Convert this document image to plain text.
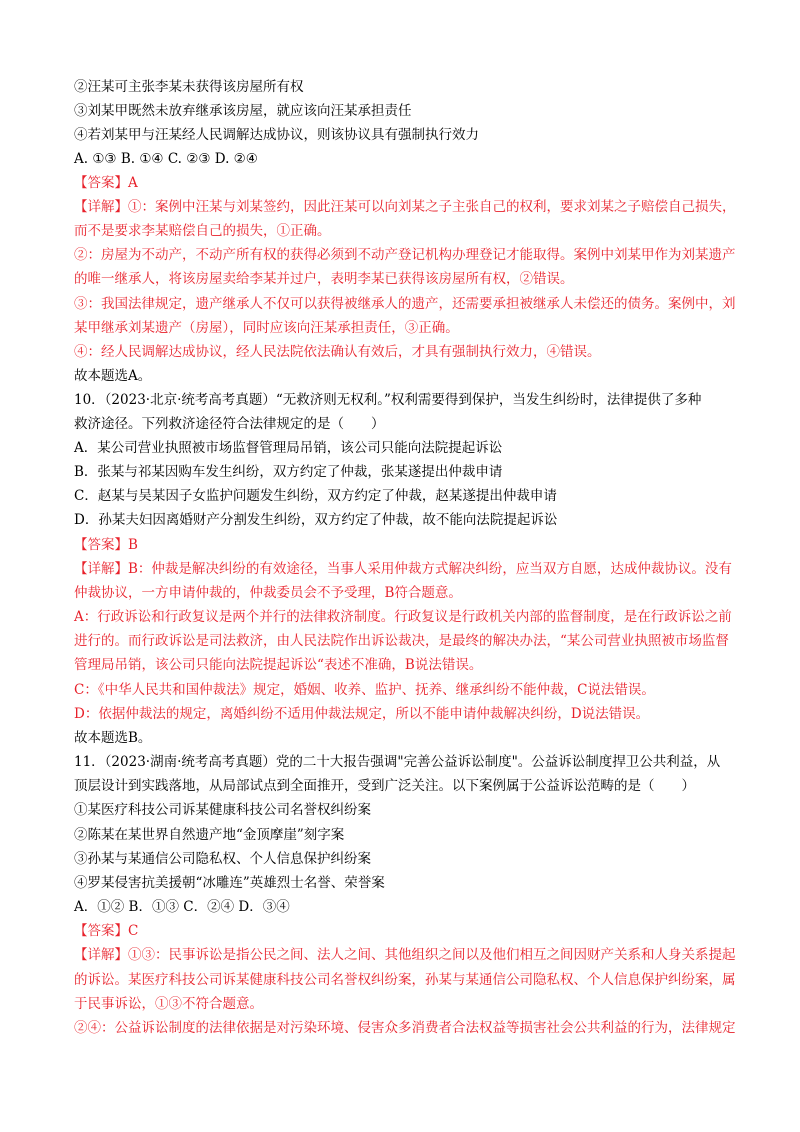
②汪某可主张李某未获得该房屋所有权
③刘某甲既然未放弃继承该房屋，就应该向汪某承担责任
④若刘某甲与汪某经人民调解达成协议，则该协议具有强制执行效力
A. ①③ B. ①④ C. ②③ D. ②④
【答案】A
【详解】①：案例中汪某与刘某签约，因此汪某可以向刘某之子主张自己的权利，要求刘某之子赔偿自己损失，
而不是要求李某赔偿自己的损失，①正确。
②：房屋为不动产，不动产所有权的获得必须到不动产登记机构办理登记才能取得。案例中刘某甲作为刘某遗产
的唯一继承人，将该房屋卖给李某并过户，表明李某已获得该房屋所有权，②错误。
③：我国法律规定，遗产继承人不仅可以获得被继承人的遗产，还需要承担被继承人未偿还的债务。案例中，刘
某甲继承刘某遗产（房屋），同时应该向汪某承担责任，③正确。
④：经人民调解达成协议，经人民法院依法确认有效后，才具有强制执行效力，④错误。
故本题选A。
10．（2023·北京·统考高考真题）“无救济则无权利。”权利需要得到保护，当发生纠纷时，法律提供了多种
救济途径。下列救济途径符合法律规定的是（　　）
A．某公司营业执照被市场监督管理局吊销，该公司只能向法院提起诉讼
B．张某与祁某因购车发生纠纷，双方约定了仲裁，张某遂提出仲裁申请
C．赵某与吴某因子女监护问题发生纠纷，双方约定了仲裁，赵某遂提出仲裁申请
D．孙某夫妇因离婚财产分割发生纠纷，双方约定了仲裁，故不能向法院提起诉讼
【答案】B
【详解】B：仲裁是解决纠纷的有效途径，当事人采用仲裁方式解决纠纷，应当双方自愿，达成仲裁协议。没有
仲裁协议，一方申请仲裁的，仲裁委员会不予受理，B符合题意。
A：行政诉讼和行政复议是两个并行的法律救济制度。行政复议是行政机关内部的监督制度，是在行政诉讼之前
进行的。而行政诉讼是司法救济，由人民法院作出诉讼裁决，是最终的解决办法，“某公司营业执照被市场监督
管理局吊销，该公司只能向法院提起诉讼“表述不准确，B说法错误。
C：《中华人民共和国仲裁法》规定，婚姻、收养、监护、抚养、继承纠纷不能仲裁，C说法错误。
D：依据仲裁法的规定，离婚纠纷不适用仲裁法规定，所以不能申请仲裁解决纠纷，D说法错误。
故本题选B。
11．（2023·湖南·统考高考真题）党的二十大报告强调"完善公益诉讼制度"。公益诉讼制度捍卫公共利益，从
顶层设计到实践落地，从局部试点到全面推开，受到广泛关注。以下案例属于公益诉讼范畴的是（　　）
①某医疗科技公司诉某健康科技公司名誉权纠纷案
②陈某在某世界自然遗产地“金顶摩崖”刻字案
③孙某与某通信公司隐私权、个人信息保护纠纷案
④罗某侵害抗美援朝“冰雕连”英雄烈士名誉、荣誉案
A．①② B．①③ C．②④ D．③④
【答案】C
【详解】①③：民事诉讼是指公民之间、法人之间、其他组织之间以及他们相互之间因财产关系和人身关系提起
的诉讼。某医疗科技公司诉某健康科技公司名誉权纠纷案，孙某与某通信公司隐私权、个人信息保护纠纷案，属
于民事诉讼，①③不符合题意。
②④：公益诉讼制度的法律依据是对污染环境、侵害众多消费者合法权益等损害社会公共利益的行为，法律规定
